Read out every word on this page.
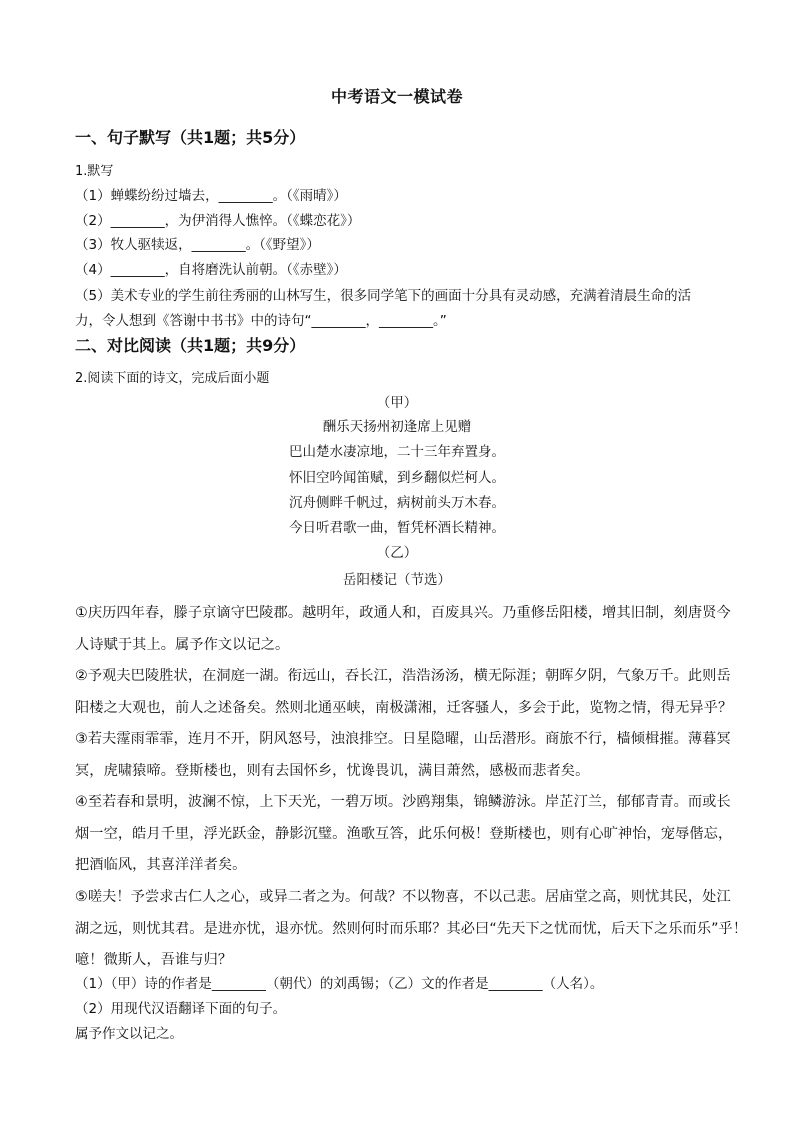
中考语文一模试卷
一、句子默写（共1题；共5分）
1.默写
（1）蝉蝶纷纷过墙去，________。（《雨晴》）
（2）________，为伊消得人憔悴。（《蝶恋花》）
（3）牧人驱犊返，________。（《野望》）
（4）________，自将磨洗认前朝。（《赤壁》）
（5）美术专业的学生前往秀丽的山林写生，很多同学笔下的画面十分具有灵动感，充满着清晨生命的活
力，令人想到《答谢中书书》中的诗句“________，________。”
二、对比阅读（共1题；共9分）
2.阅读下面的诗文，完成后面小题
（甲）
酬乐天扬州初逢席上见赠
巴山楚水凄凉地，二十三年弃置身。
怀旧空吟闻笛赋，到乡翻似烂柯人。
沉舟侧畔千帆过，病树前头万木春。
今日听君歌一曲，暂凭杯酒长精神。
（乙）
岳阳楼记（节选）
①庆历四年春，滕子京谪守巴陵郡。越明年，政通人和，百废具兴。乃重修岳阳楼，增其旧制，刻唐贤今
人诗赋于其上。属予作文以记之。
②予观夫巴陵胜状，在洞庭一湖。衔远山，吞长江，浩浩汤汤，横无际涯；朝晖夕阴，气象万千。此则岳
阳楼之大观也，前人之述备矣。然则北通巫峡，南极潇湘，迁客骚人，多会于此，览物之情，得无异乎？
③若夫霪雨霏霏，连月不开，阴风怒号，浊浪排空。日星隐曜，山岳潜形。商旅不行，樯倾楫摧。薄暮冥
冥，虎啸猿啼。登斯楼也，则有去国怀乡，忧谗畏讥，满目萧然，感极而悲者矣。
④至若春和景明，波澜不惊，上下天光，一碧万顷。沙鸥翔集，锦鳞游泳。岸芷汀兰，郁郁青青。而或长
烟一空，皓月千里，浮光跃金，静影沉璧。渔歌互答，此乐何极！登斯楼也，则有心旷神怡，宠辱偕忘，
把酒临风，其喜洋洋者矣。
⑤嗟夫！予尝求古仁人之心，或异二者之为。何哉？不以物喜，不以己悲。居庙堂之高，则忧其民，处江
湖之远，则忧其君。是进亦忧，退亦忧。然则何时而乐耶？其必曰“先天下之忧而忧，后天下之乐而乐”乎！
噫！微斯人，吾谁与归？
（1）（甲）诗的作者是________（朝代）的刘禹锡；（乙）文的作者是________（人名）。
（2）用现代汉语翻译下面的句子。
属予作文以记之。
